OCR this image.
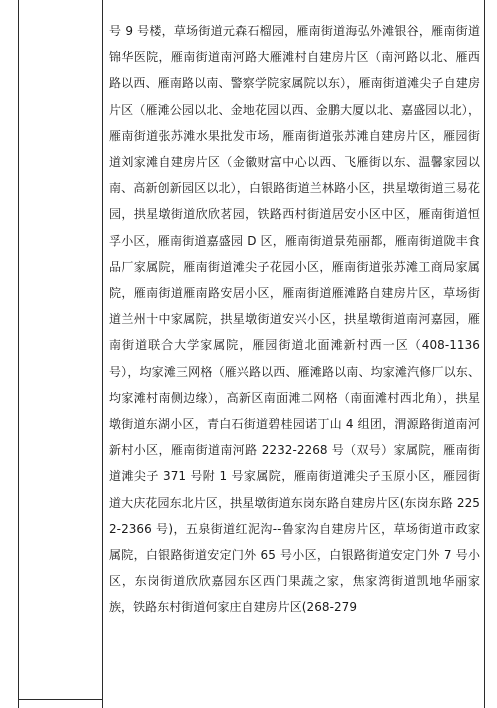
号 9 号楼，草场街道元森石榴园，雁南街道海弘外滩银谷，雁南街道锦华医院，雁南街道南河路大雁滩村自建房片区（南河路以北、雁西路以西、雁南路以南、警察学院家属院以东），雁南街道滩尖子自建房片区（雁滩公园以北、金地花园以西、金鹏大厦以北、嘉盛园以北），雁南街道张苏滩水果批发市场，雁南街道张苏滩自建房片区，雁园街道刘家滩自建房片区（金徽财富中心以西、飞雁街以东、温馨家园以南、高新创新园区以北），白银路街道兰林路小区，拱星墩街道三易花园，拱星墩街道欣欣茗园，铁路西村街道居安小区中区，雁南街道恒孚小区，雁南街道嘉盛园 D 区，雁南街道景苑丽都，雁南街道陇丰食品厂家属院，雁南街道滩尖子花园小区，雁南街道张苏滩工商局家属院，雁南街道雁南路安居小区，雁南街道雁滩路自建房片区，草场街道兰州十中家属院，拱星墩街道安兴小区，拱星墩街道南河嘉园，雁南街道联合大学家属院，雁园街道北面滩新村西一区（408-1136 号），均家滩三网格（雁兴路以西、雁滩路以南、均家滩汽修厂以东、均家滩村南侧边缘），高新区南面滩二网格（南面滩村西北角），拱星墩街道东湖小区，青白石街道碧桂园诺丁山 4 组团，渭源路街道南河新村小区，雁南街道南河路 2232-2268 号（双号）家属院，雁南街道滩尖子 371 号附 1 号家属院，雁南街道滩尖子玉原小区，雁园街道大庆花园东北片区，拱星墩街道东岗东路自建房片区(东岗东路 2252-2366 号)，五泉街道红泥沟--鲁家沟自建房片区，草场街道市政家属院，白银路街道安定门外 65 号小区，白银路街道安定门外 7 号小区，东岗街道欣欣嘉园东区西门果蔬之家，焦家湾街道凯地华丽家族，铁路东村街道何家庄自建房片区(268-279
